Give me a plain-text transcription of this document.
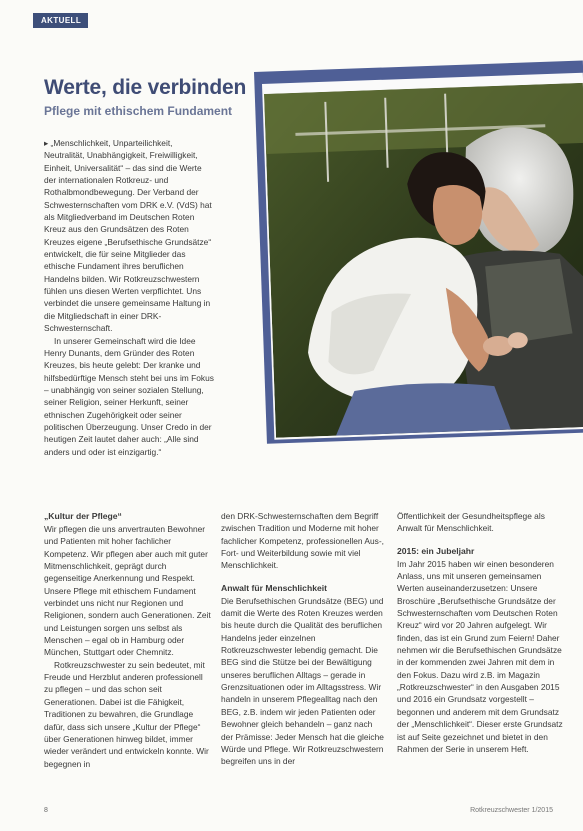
AKTUELL
Werte, die verbinden
Pflege mit ethischem Fundament

▸ „Menschlichkeit, Unparteilichkeit, Neutralität, Unabhängigkeit, Freiwilligkeit, Einheit, Universalität“ – das sind die Werte der internationalen Rotkreuz- und Rothalbmondbewegung. Der Verband der Schwesternschaften vom DRK e.V. (VdS) hat als Mitgliedverband im Deutschen Roten Kreuz aus den Grundsätzen des Roten Kreuzes eigene „Berufsethische Grundsätze“ entwickelt, die für seine Mitglieder das ethische Fundament ihres beruflichen Handelns bilden. Wir Rotkreuzschwestern fühlen uns diesen Werten verpflichtet. Uns verbindet die unsere gemeinsame Haltung in die Mitgliedschaft in einer DRK-Schwesternschaft.

In unserer Gemeinschaft wird die Idee Henry Dunants, dem Gründer des Roten Kreuzes, bis heute gelebt: Der kranke und hilfsbedürftige Mensch steht bei uns im Fokus – unabhängig von seiner sozialen Stellung, seiner Religion, seiner Herkunft, seiner ethnischen Zugehörigkeit oder seiner politischen Überzeugung. Unser Credo in der heutigen Zeit lautet daher auch: „Alle sind anders und oder ist einzigartig.“

„Kultur der Pflege“

Wir pflegen die uns anvertrauten Bewohner und Patienten mit hoher fachlicher Kompetenz. Wir pflegen aber auch mit guter Mitmenschlichkeit, geprägt durch gegenseitige Anerkennung und Respekt. Unsere Pflege mit ethischem Fundament verbindet uns nicht nur Regionen und Religionen, sondern auch Generationen. Zeit und Leistungen sorgen uns selbst als Menschen – egal ob in Hamburg oder München, Stuttgart oder Chemnitz.

Rotkreuzschwester zu sein bedeutet, mit Freude und Herzblut anderen professionell zu pflegen – und das schon seit Generationen. Dabei ist die Fähigkeit, Traditionen zu bewahren, die Grundlage dafür, dass sich unsere „Kultur der Pflege“ über Generationen hinweg bildet, immer wieder verändert und entwickeln konnte. Wir begegnen in

den DRK-Schwesternschaften dem Begriff zwischen Tradition und Moderne mit hoher fachlicher Kompetenz, professionellen Aus-, Fort- und Weiterbildung sowie mit viel Menschlichkeit.

Anwalt für Menschlichkeit

Die Berufsethischen Grundsätze (BEG) und damit die Werte des Roten Kreuzes werden bis heute durch die Qualität des beruflichen Handelns jeder einzelnen Rotkreuzschwester lebendig gemacht. Die BEG sind die Stütze bei der Bewältigung unseres beruflichen Alltags – gerade in Grenzsituationen oder im Alltagsstress. Wir handeln in unserem Pflegealltag nach den BEG, z.B. indem wir jeden Patienten oder Bewohner gleich behandeln – ganz nach der Prämisse: Jeder Mensch hat die gleiche Würde und Pflege. Wir Rotkreuzschwestern begreifen uns in der

Öffentlichkeit der Gesundheitspflege als Anwalt für Menschlichkeit.

2015: ein Jubeljahr

Im Jahr 2015 haben wir einen besonderen Anlass, uns mit unseren gemeinsamen Werten auseinanderzusetzen: Unsere Broschüre „Berufsethische Grundsätze der Schwesternschaften vom Deutschen Roten Kreuz“ wird vor 20 Jahren aufgelegt. Wir finden, das ist ein Grund zum Feiern! Daher nehmen wir die Berufsethischen Grundsätze in der kommenden zwei Jahren mit dem in den Fokus. Dazu wird z.B. im Magazin „Rotkreuzschwester“ in den Ausgaben 2015 und 2016 ein Grundsatz vorgestellt – begonnen und anderem mit dem Grundsatz der „Menschlichkeit“. Dieser erste Grundsatz ist auf Seite gezeichnet und bietet in den Rahmen der Serie in unserem Heft.

8	Rotkreuzschwester 1/2015
